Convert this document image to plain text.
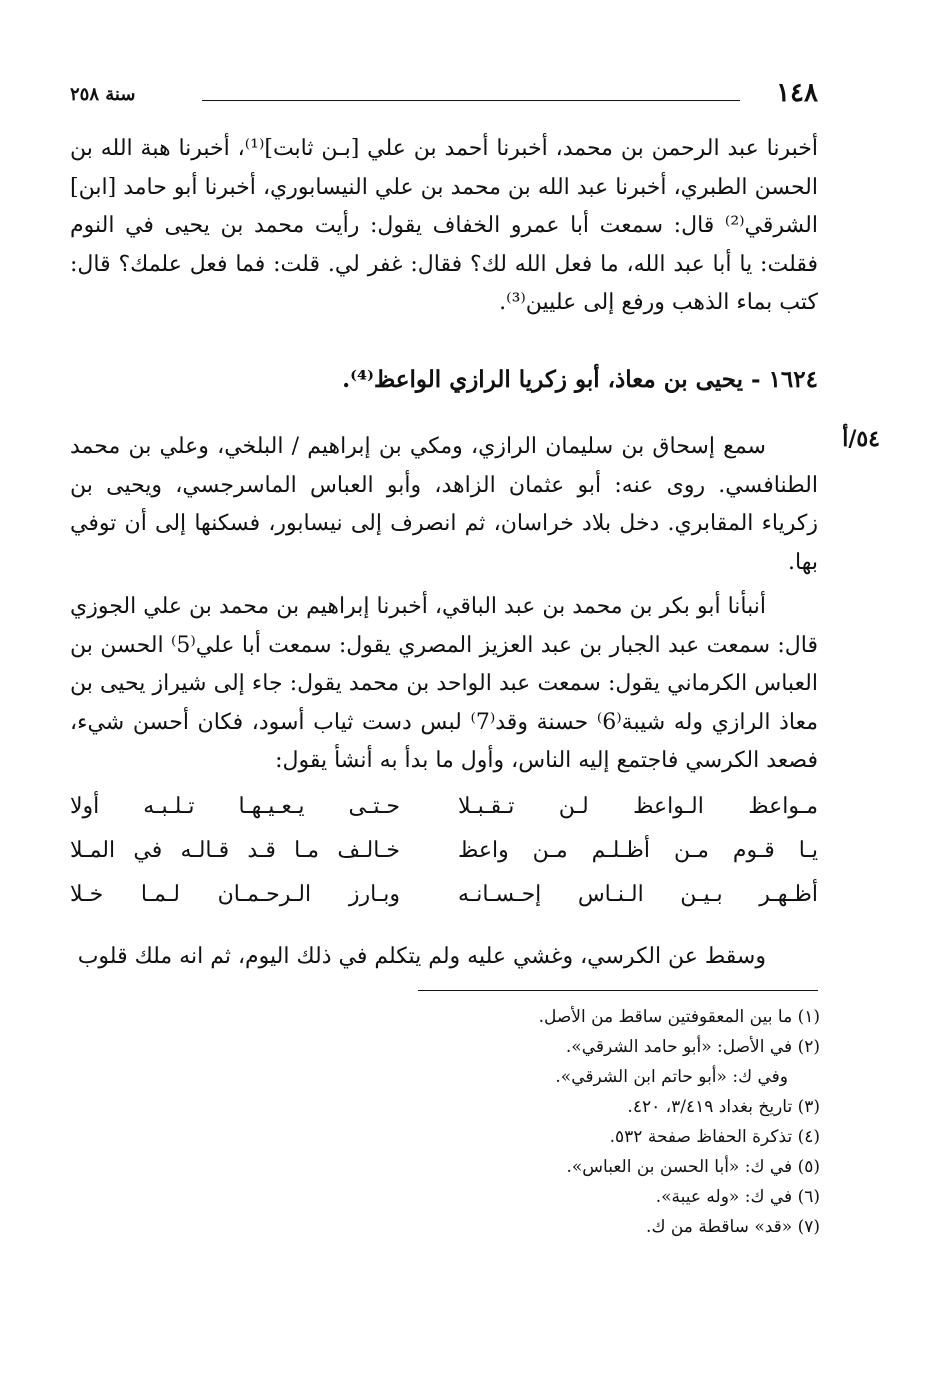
١٤٨
سنة ٢٥٨
أخبرنا عبد الرحمن بن محمد، أخبرنا أحمد بن علي [بـن ثابت]⁽¹⁾، أخبرنا هبة الله بن الحسن الطبري، أخبرنا عبد الله بن محمد بن علي النيسابوري، أخبرنا أبو حامد [ابن] الشرقي⁽²⁾ قال: سمعت أبا عمرو الخفاف يقول: رأيت محمد بن يحيى في النوم فقلت: يا أبا عبد الله، ما فعل الله لك؟ فقال: غفر لي. قلت: فما فعل علمك؟ قال: كتب بماء الذهب ورفع إلى عليين⁽³⁾.
١٦٢٤ - يحيى بن معاذ، أبو زكريا الرازي الواعظ⁽⁴⁾.
٥٤/أ
سمع إسحاق بن سليمان الرازي، ومكي بن إبراهيم / البلخي، وعلي بن محمد الطنافسي. روى عنه: أبو عثمان الزاهد، وأبو العباس الماسرجسي، ويحيى بن زكرياء المقابري. دخل بلاد خراسان، ثم انصرف إلى نيسابور، فسكنها إلى أن توفي بها.
أنبأنا أبو بكر بن محمد بن عبد الباقي، أخبرنا إبراهيم بن محمد بن علي الجوزي قال: سمعت عبد الجبار بن عبد العزيز المصري يقول: سمعت أبا علي⁽5⁾ الحسن بن العباس الكرماني يقول: سمعت عبد الواحد بن محمد يقول: جاء إلى شيراز يحيى بن معاذ الرازي وله شيبة⁽6⁾ حسنة وقد⁽7⁾ لبس دست ثياب أسود، فكان أحسن شيء، فصعد الكرسي فاجتمع إليه الناس، وأول ما بدأ به أنشأ يقول:
مـواعظ الـواعظ لـن تـقـبـلا
حـتـى يـعـيـهـا تـلـبـه أولا
يـا قـوم مـن أظـلـم مـن واعظ
خـالـف مـا قـد قـالـه في المـلا
أظـهـر بـيـن الـنـاس إحـسـانـه
وبـارز الـرحـمـان لـمـا خـلا
وسقط عن الكرسي، وغشي عليه ولم يتكلم في ذلك اليوم، ثم انه ملك قلوب
(١) ما بين المعقوفتين ساقط من الأصل.
(٢) في الأصل: «أبو حامد الشرقي».
وفي ك: «أبو حاتم ابن الشرقي».
(٣) تاريخ بغداد ٣/٤١٩، ٤٢٠.
(٤) تذكرة الحفاظ صفحة ٥٣٢.
(٥) في ك: «أبا الحسن بن العباس».
(٦) في ك: «وله عيبة».
(٧) «قد» ساقطة من ك.
